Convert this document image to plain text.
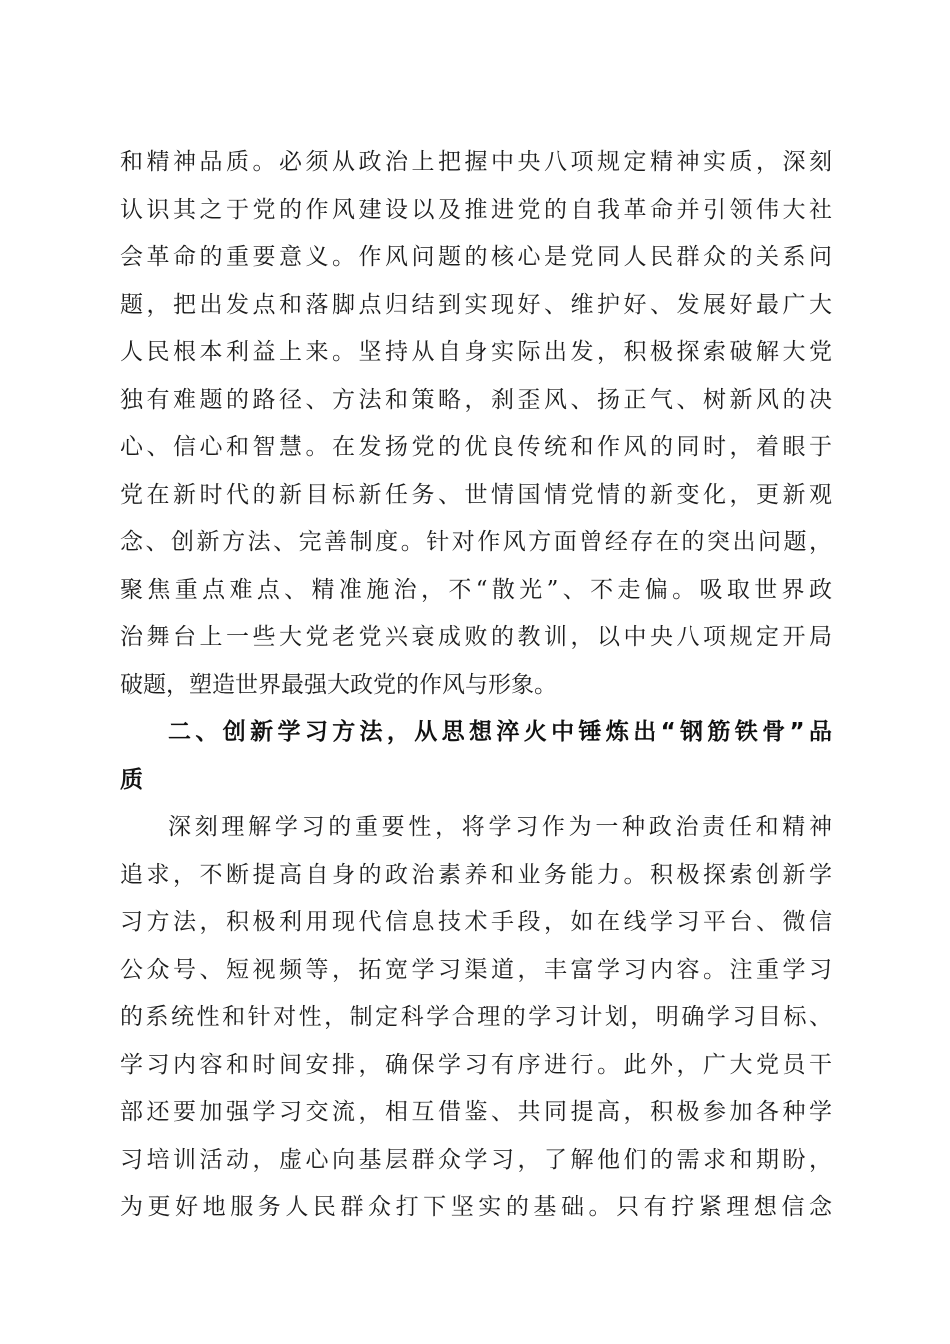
和精神品质。必须从政治上把握中央八项规定精神实质，深刻
认识其之于党的作风建设以及推进党的自我革命并引领伟大社
会革命的重要意义。作风问题的核心是党同人民群众的关系问
题，把出发点和落脚点归结到实现好、维护好、发展好最广大
人民根本利益上来。坚持从自身实际出发，积极探索破解大党
独有难题的路径、方法和策略，刹歪风、扬正气、树新风的决
心、信心和智慧。在发扬党的优良传统和作风的同时，着眼于
党在新时代的新目标新任务、世情国情党情的新变化，更新观
念、创新方法、完善制度。针对作风方面曾经存在的突出问题，
聚焦重点难点、精准施治，不“散光”、不走偏。吸取世界政
治舞台上一些大党老党兴衰成败的教训，以中央八项规定开局
破题，塑造世界最强大政党的作风与形象。
二、创新学习方法，从思想淬火中锤炼出“钢筋铁骨”品
质
深刻理解学习的重要性，将学习作为一种政治责任和精神
追求，不断提高自身的政治素养和业务能力。积极探索创新学
习方法，积极利用现代信息技术手段，如在线学习平台、微信
公众号、短视频等，拓宽学习渠道，丰富学习内容。注重学习
的系统性和针对性，制定科学合理的学习计划，明确学习目标、
学习内容和时间安排，确保学习有序进行。此外，广大党员干
部还要加强学习交流，相互借鉴、共同提高，积极参加各种学
习培训活动，虚心向基层群众学习，了解他们的需求和期盼，
为更好地服务人民群众打下坚实的基础。只有拧紧理想信念
